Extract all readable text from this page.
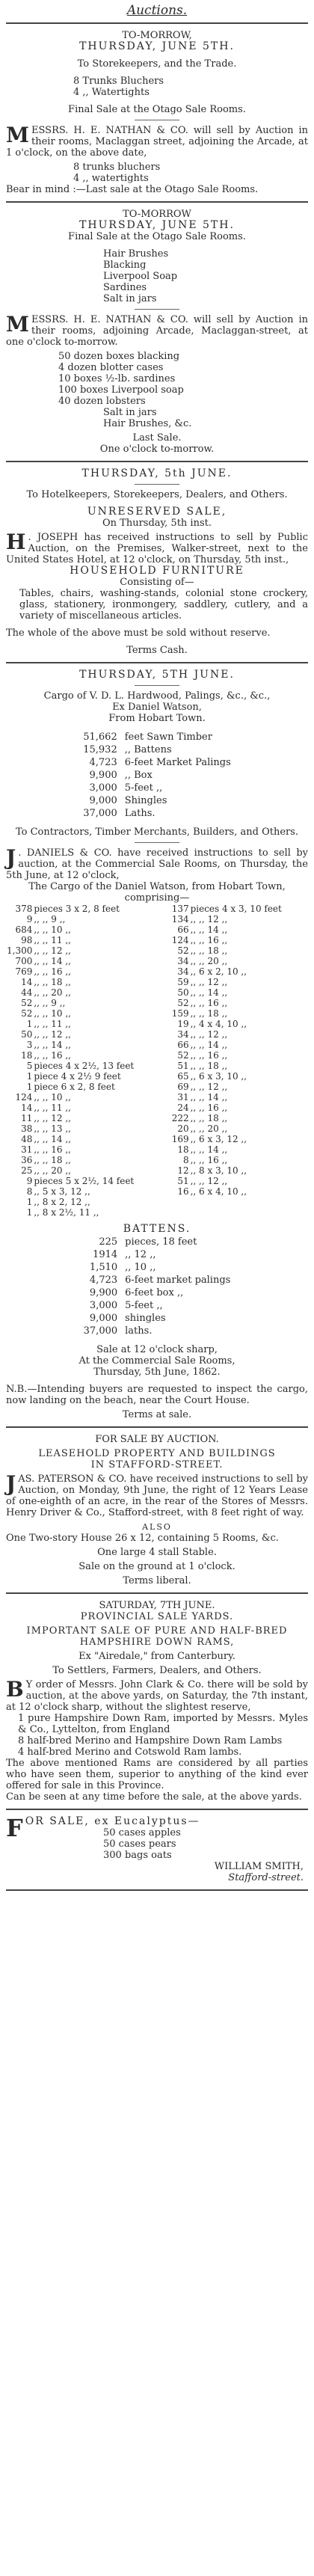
Auctions.

TO-MORROW,

THURSDAY, JUNE 5TH.

To Storekeepers, and the Trade.

8 Trunks Bluchers

4 ,, Watertights

Final Sale at the Otago Sale Rooms.

MESSRS. H. E. NATHAN & CO. will sell by Auction in their rooms, Maclaggan street, adjoining the Arcade, at 1 o'clock, on the above date,

8 trunks bluchers

4 ,, watertights

Bear in mind :—Last sale at the Otago Sale Rooms.

TO-MORROW

THURSDAY, JUNE 5TH.

Final Sale at the Otago Sale Rooms.

Hair Brushes

Blacking

Liverpool Soap

Sardines

Salt in jars

MESSRS. H. E. NATHAN & CO. will sell by Auction in their rooms, adjoining Arcade, Maclaggan-street, at one o'clock to-morrow.

50 dozen boxes blacking

4 dozen blotter cases

10 boxes ½-lb. sardines

100 boxes Liverpool soap

40 dozen lobsters

Salt in jars

Hair Brushes, &c.

Last Sale.

One o'clock to-morrow.

THURSDAY, 5th JUNE.

To Hotelkeepers, Storekeepers, Dealers, and Others.

UNRESERVED SALE,

On Thursday, 5th inst.

H . JOSEPH has received instructions to sell by Public Auction, on the Premises, Walker-street, next to the United States Hotel, at 12 o'clock, on Thursday, 5th inst.,

HOUSEHOLD FURNITURE

Consisting of—

Tables, chairs, washing-stands, colonial stone crockery, glass, stationery, ironmongery, saddlery, cutlery, and a variety of miscellaneous articles.

The whole of the above must be sold without reserve.

Terms Cash.

THURSDAY, 5TH JUNE.

Cargo of V. D. L. Hardwood, Palings, &c., &c.,

Ex Daniel Watson,

From Hobart Town.

51,662	feet Sawn Timber
15,932	,, Battens
4,723	6-feet Market Palings
9,900	,, Box
3,000	5-feet ,,
9,000	Shingles
37,000	Laths.

To Contractors, Timber Merchants, Builders, and Others.

J . DANIELS & CO. have received instructions to sell by auction, at the Commercial Sale Rooms, on Thursday, the 5th June, at 12 o'clock,

The Cargo of the Daniel Watson, from Hobart Town, comprising—

378	pieces 3 x 2, 8 feet	137	pieces 4 x 3, 10 feet
9	,, ,, 9 ,,	134	,, ,, 12 ,,
684	,, ,, 10 ,,	66	,, ,, 14 ,,
98	,, ,, 11 ,,	124	,, ,, 16 ,,
1,300	,, ,, 12 ,,	52	,, ,, 18 ,,
700	,, ,, 14 ,,	34	,, ,, 20 ,,
769	,, ,, 16 ,,	34	,, 6 x 2, 10 ,,
14	,, ,, 18 ,,	59	,, ,, 12 ,,
44	,, ,, 20 ,,	50	,, ,, 14 ,,
52	,, ,, 9 ,,	52	,, ,, 16 ,,
52	,, ,, 10 ,,	159	,, ,, 18 ,,
1	,, ,, 11 ,,	19	,, 4 x 4, 10 ,,
50	,, ,, 12 ,,	34	,, ,, 12 ,,
3	,, ,, 14 ,,	66	,, ,, 14 ,,
18	,, ,, 16 ,,	52	,, ,, 16 ,,
5	pieces 4 x 2½, 13 feet	51	,, ,, 18 ,,
1	piece 4 x 2½ 9 feet	65	,, 6 x 3, 10 ,,
1	piece 6 x 2, 8 feet	69	,, ,, 12 ,,
124	,, ,, 10 ,,	31	,, ,, 14 ,,
14	,, ,, 11 ,,	24	,, ,, 16 ,,
11	,, ,, 12 ,,	222	,, ,, 18 ,,
38	,, ,, 13 ,,	20	,, ,, 20 ,,
48	,, ,, 14 ,,	169	,, 6 x 3, 12 ,,
31	,, ,, 16 ,,	18	,, ,, 14 ,,
36	,, ,, 18 ,,	8	,, ,, 16 ,,
25	,, ,, 20 ,,	12	,, 8 x 3, 10 ,,
9	pieces 5 x 2½, 14 feet	51	,, ,, 12 ,,
8	,, 5 x 3, 12 ,,	16	,, 6 x 4, 10 ,,
1	,, 8 x 2, 12 ,,		
1	,, 8 x 2½, 11 ,,		

BATTENS.

225	pieces, 18 feet
1914	,, 12 ,,
1,510	,, 10 ,,
4,723	6-feet market palings
9,900	6-feet box ,,
3,000	5-feet ,,
9,000	shingles
37,000	laths.

Sale at 12 o'clock sharp,

At the Commercial Sale Rooms,

Thursday, 5th June, 1862.

N.B.—Intending buyers are requested to inspect the cargo, now landing on the beach, near the Court House.

Terms at sale.

FOR SALE BY AUCTION.

LEASEHOLD PROPERTY AND BUILDINGS

IN STAFFORD-STREET.

JAS. PATERSON & CO. have received instructions to sell by Auction, on Monday, 9th June, the right of 12 Years Lease of one-eighth of an acre, in the rear of the Stores of Messrs. Henry Driver & Co., Stafford-street, with 8 feet right of way.

ALSO

One Two-story House 26 x 12, containing 5 Rooms, &c.

One large 4 stall Stable.

Sale on the ground at 1 o'clock.

Terms liberal.

SATURDAY, 7TH JUNE.

PROVINCIAL SALE YARDS.

IMPORTANT SALE OF PURE AND HALF-BRED HAMPSHIRE DOWN RAMS,

Ex "Airedale," from Canterbury.

To Settlers, Farmers, Dealers, and Others.

B Y order of Messrs. John Clark & Co. there will be sold by auction, at the above yards, on Saturday, the 7th instant, at 12 o'clock sharp, without the slightest reserve,

1 pure Hampshire Down Ram, imported by Messrs. Myles & Co., Lyttelton, from England

8 half-bred Merino and Hampshire Down Ram Lambs

4 half-bred Merino and Cotswold Ram lambs.

The above mentioned Rams are considered by all parties who have seen them, superior to anything of the kind ever offered for sale in this Province.

Can be seen at any time before the sale, at the above yards.

FOR SALE, ex Eucalyptus—

50 cases apples

50 cases pears

300 bags oats

WILLIAM SMITH,

Stafford-street.
